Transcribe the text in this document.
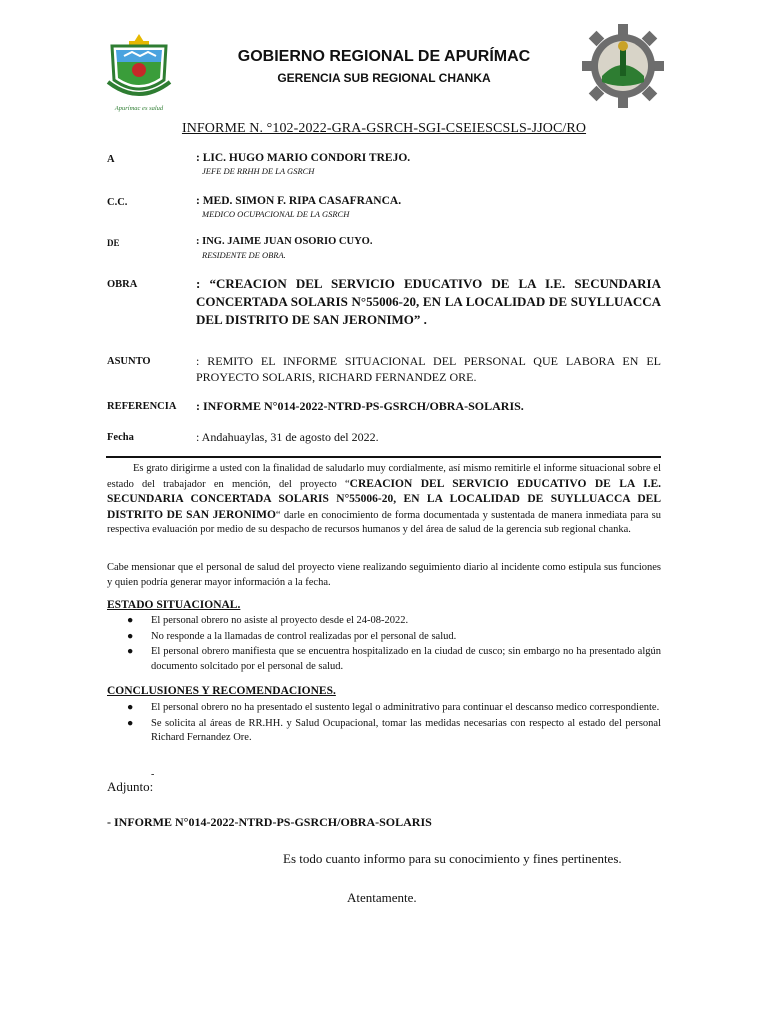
Apurímac es salud
GOBIERNO REGIONAL DE APURÍMAC
GERENCIA SUB REGIONAL CHANKA
INFORME N. °102-2022-GRA-GSRCH-SGI-CSEIESCSLS-JJOC/RO
A	: LIC. HUGO MARIO CONDORI TREJO.
JEFE DE RRHH DE LA GSRCH
C.C.	: MED. SIMON F. RIPA CASAFRANCA.
MEDICO OCUPACIONAL DE LA GSRCH
DE	: ING. JAIME JUAN OSORIO CUYO.
RESIDENTE DE OBRA.
OBRA	: “CREACION DEL SERVICIO EDUCATIVO DE LA I.E. SECUNDARIA CONCERTADA SOLARIS N°55006-20, EN LA LOCALIDAD DE SUYLLUACCA DEL DISTRITO DE SAN JERONIMO” .
ASUNTO	: REMITO EL INFORME SITUACIONAL DEL PERSONAL QUE LABORA EN EL PROYECTO SOLARIS, RICHARD FERNANDEZ ORE.
REFERENCIA : INFORME N°014-2022-NTRD-PS-GSRCH/OBRA-SOLARIS.
Fecha	: Andahuaylas, 31 de agosto del 2022.
Es grato dirigirme a usted con la finalidad de saludarlo muy cordialmente, así mismo remitirle el informe situacional sobre el estado del trabajador en mención, del proyecto “CREACION DEL SERVICIO EDUCATIVO DE LA I.E. SECUNDARIA CONCERTADA SOLARIS N°55006-20, EN LA LOCALIDAD DE SUYLLUACCA DEL DISTRITO DE SAN JERONIMO“ darle en conocimiento de forma documentada y sustentada de manera inmediata para su respectiva evaluación por medio de su despacho de recursos humanos y del área de salud de la gerencia sub regional chanka.
Cabe mensionar que el personal de salud del proyecto viene realizando seguimiento diario al incidente como estipula sus funciones y quien podría generar mayor información a la fecha.
ESTADO SITUACIONAL.
● El personal obrero no asiste al proyecto desde el 24-08-2022.
● No responde a la llamadas de control realizadas por el personal de salud.
● El personal obrero manifiesta que se encuentra hospitalizado en la ciudad de cusco; sin embargo no ha presentado algún documento solcitado por el personal de salud.
CONCLUSIONES Y RECOMENDACIONES.
● El personal obrero no ha presentado el sustento legal o adminitrativo para continuar el descanso medico correspondiente.
● Se solicita al áreas de RR.HH. y Salud Ocupacional, tomar las medidas necesarias con respecto al estado del personal Richard Fernandez Ore.
-
Adjunto:
- INFORME N°014-2022-NTRD-PS-GSRCH/OBRA-SOLARIS
Es todo cuanto informo para su conocimiento y fines pertinentes.
Atentamente.
